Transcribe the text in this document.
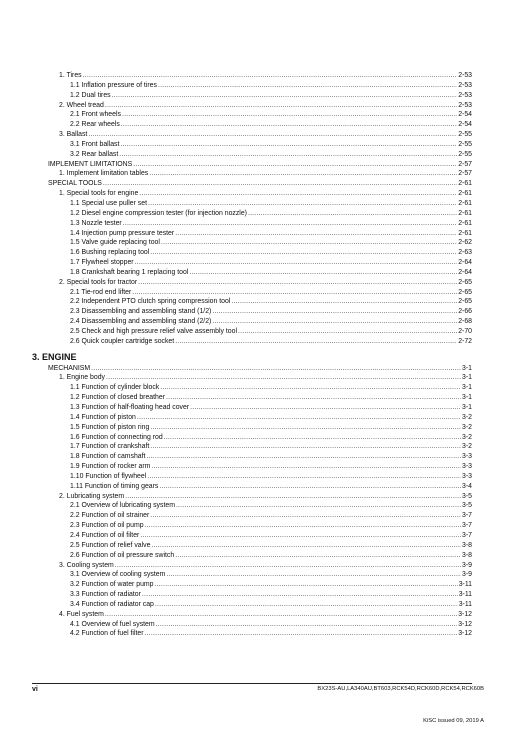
1. Tires .....	2-53
1.1 Inflation pressure of tires .....	2-53
1.2 Dual tires .....	2-53
2. Wheel tread .....	2-53
2.1 Front wheels .....	2-54
2.2 Rear wheels .....	2-54
3. Ballast .....	2-55
3.1 Front ballast .....	2-55
3.2 Rear ballast .....	2-55
IMPLEMENT LIMITATIONS .....	2-57
1. Implement limitation tables .....	2-57
SPECIAL TOOLS .....	2-61
1. Special tools for engine .....	2-61
1.1 Special use puller set .....	2-61
1.2 Diesel engine compression tester (for injection nozzle) .....	2-61
1.3 Nozzle tester .....	2-61
1.4 Injection pump pressure tester .....	2-61
1.5 Valve guide replacing tool .....	2-62
1.6 Bushing replacing tool .....	2-63
1.7 Flywheel stopper .....	2-64
1.8 Crankshaft bearing 1 replacing tool .....	2-64
2. Special tools for tractor .....	2-65
2.1 Tie-rod end lifter .....	2-65
2.2 Independent PTO clutch spring compression tool .....	2-65
2.3 Disassembling and assembling stand (1/2) .....	2-66
2.4 Disassembling and assembling stand (2/2) .....	2-68
2.5 Check and high pressure relief valve assembly tool .....	2-70
2.6 Quick coupler cartridge socket .....	2-72
3. ENGINE
MECHANISM .....	3-1
1. Engine body .....	3-1
1.1 Function of cylinder block .....	3-1
1.2 Function of closed breather .....	3-1
1.3 Function of half-floating head cover .....	3-1
1.4 Function of piston .....	3-2
1.5 Function of piston ring .....	3-2
1.6 Function of connecting rod .....	3-2
1.7 Function of crankshaft .....	3-2
1.8 Function of camshaft .....	3-3
1.9 Function of rocker arm .....	3-3
1.10 Function of flywheel .....	3-3
1.11 Function of timing gears .....	3-4
2. Lubricating system .....	3-5
2.1 Overview of lubricating system .....	3-5
2.2 Function of oil strainer .....	3-7
2.3 Function of oil pump .....	3-7
2.4 Function of oil filter .....	3-7
2.5 Function of relief valve .....	3-8
2.6 Function of oil pressure switch .....	3-8
3. Cooling system .....	3-9
3.1 Overview of cooling system .....	3-9
3.2 Function of water pump .....	3-11
3.3 Function of radiator .....	3-11
3.4 Function of radiator cap .....	3-11
4. Fuel system .....	3-12
4.1 Overview of fuel system .....	3-12
4.2 Function of fuel filter .....	3-12
vi	BX23S-AU,LA340AU,BT603,RCK54D,RCK60D,RCK54,RCK60B
KiSC issued 09, 2019 A
